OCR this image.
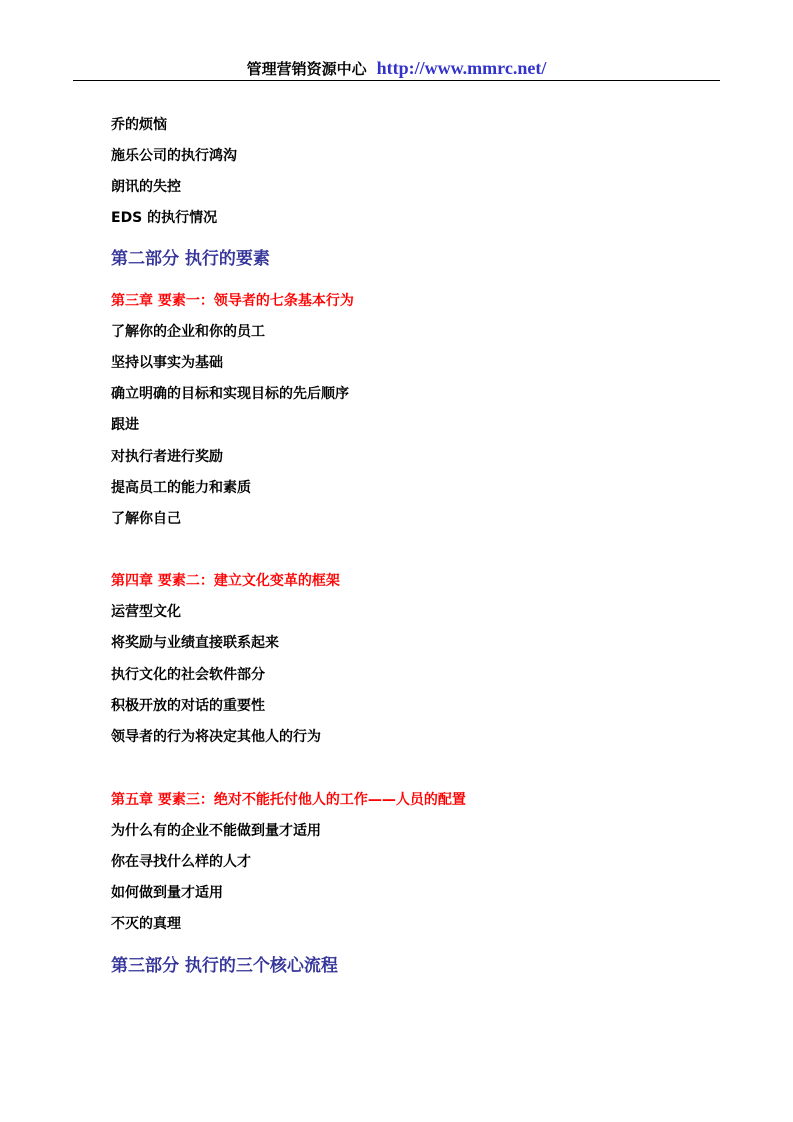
管理营销资源中心 http://www.mmrc.net/
乔的烦恼
施乐公司的执行鸿沟
朗讯的失控
EDS 的执行情况
第二部分 执行的要素
第三章 要素一：领导者的七条基本行为
了解你的企业和你的员工
坚持以事实为基础
确立明确的目标和实现目标的先后顺序
跟进
对执行者进行奖励
提高员工的能力和素质
了解你自己
第四章 要素二：建立文化变革的框架
运营型文化
将奖励与业绩直接联系起来
执行文化的社会软件部分
积极开放的对话的重要性
领导者的行为将决定其他人的行为
第五章 要素三：绝对不能托付他人的工作——人员的配置
为什么有的企业不能做到量才适用
你在寻找什么样的人才
如何做到量才适用
不灭的真理
第三部分 执行的三个核心流程
